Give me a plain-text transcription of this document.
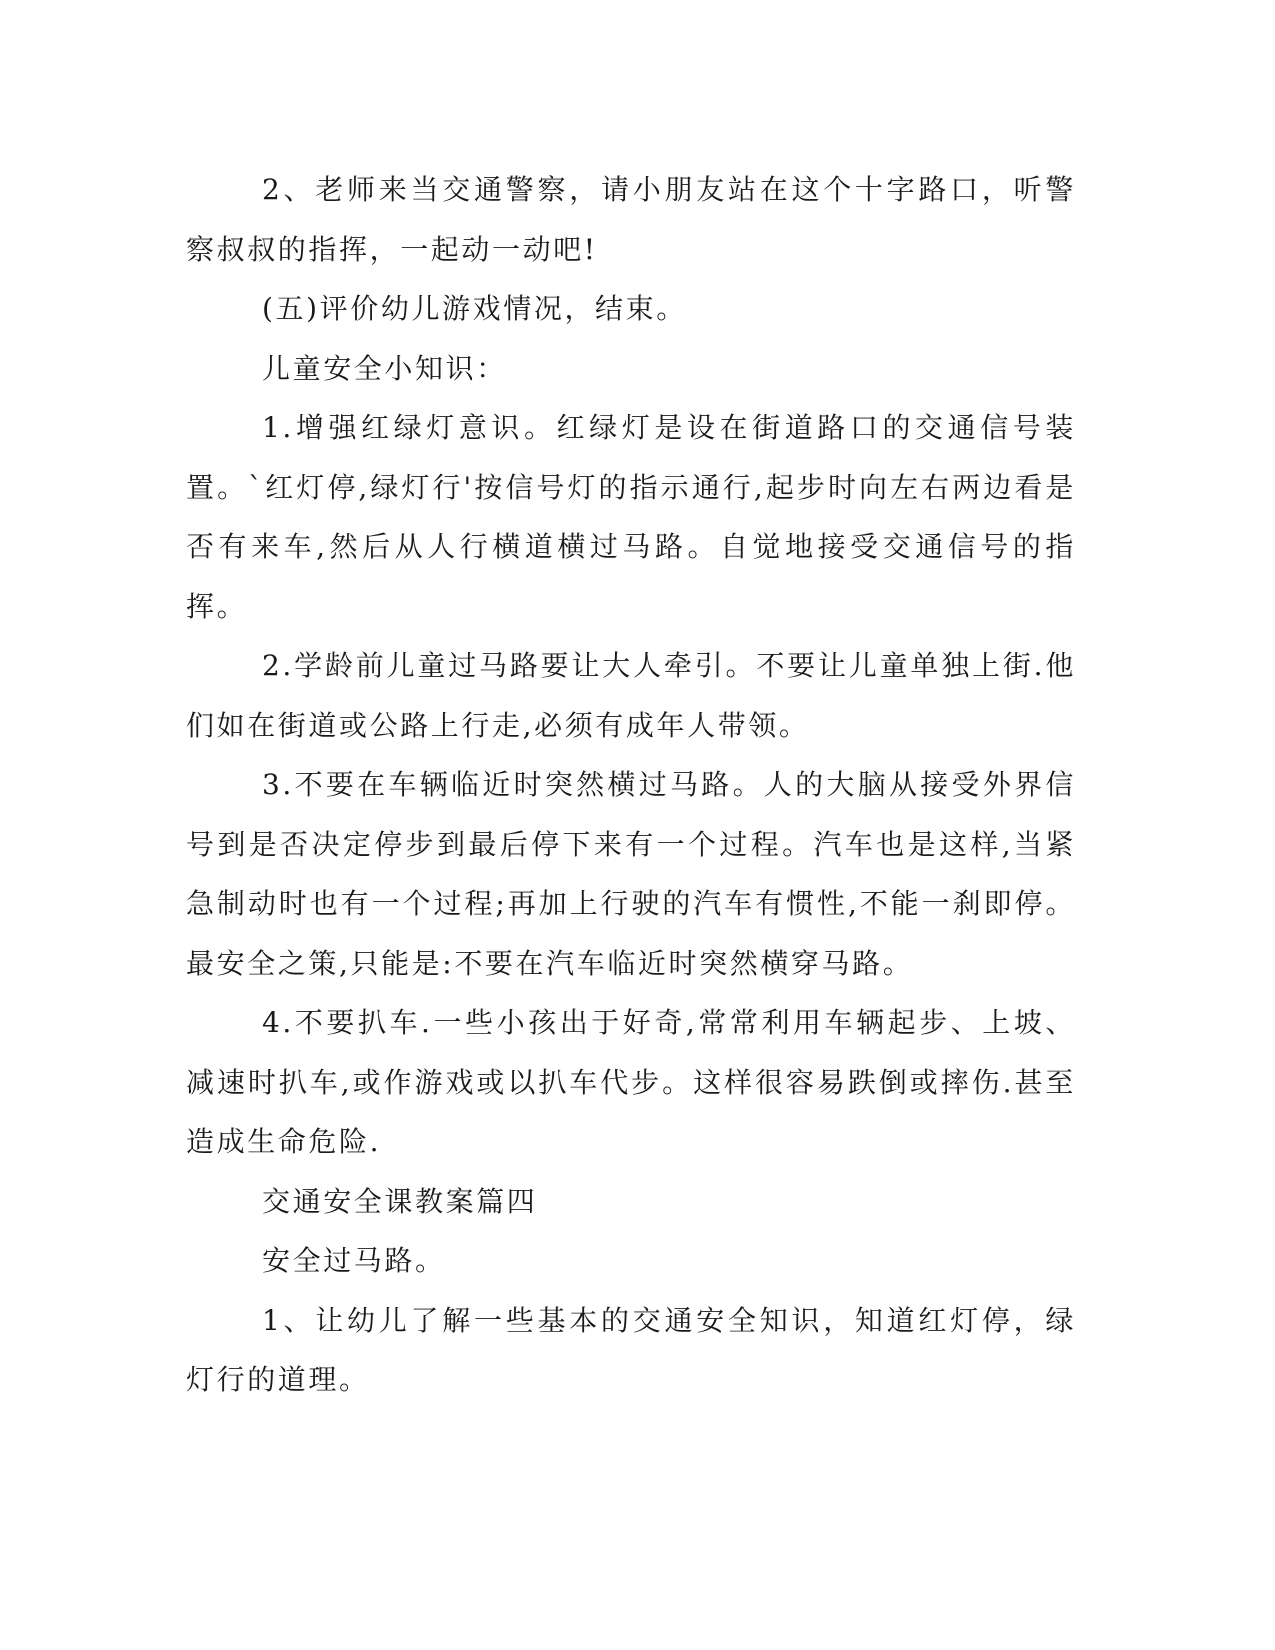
2、老师来当交通警察，请小朋友站在这个十字路口，听警察叔叔的指挥，一起动一动吧!

(五)评价幼儿游戏情况，结束。

儿童安全小知识：

1.增强红绿灯意识。红绿灯是设在街道路口的交通信号装置。`红灯停,绿灯行'按信号灯的指示通行,起步时向左右两边看是否有来车,然后从人行横道横过马路。自觉地接受交通信号的指挥。

2.学龄前儿童过马路要让大人牵引。不要让儿童单独上街.他们如在街道或公路上行走,必须有成年人带领。

3.不要在车辆临近时突然横过马路。人的大脑从接受外界信号到是否决定停步到最后停下来有一个过程。汽车也是这样,当紧急制动时也有一个过程;再加上行驶的汽车有惯性,不能一刹即停。最安全之策,只能是:不要在汽车临近时突然横穿马路。

4.不要扒车.一些小孩出于好奇,常常利用车辆起步、上坡、减速时扒车,或作游戏或以扒车代步。这样很容易跌倒或摔伤.甚至造成生命危险.

交通安全课教案篇四

安全过马路。

1、让幼儿了解一些基本的交通安全知识，知道红灯停，绿灯行的道理。
